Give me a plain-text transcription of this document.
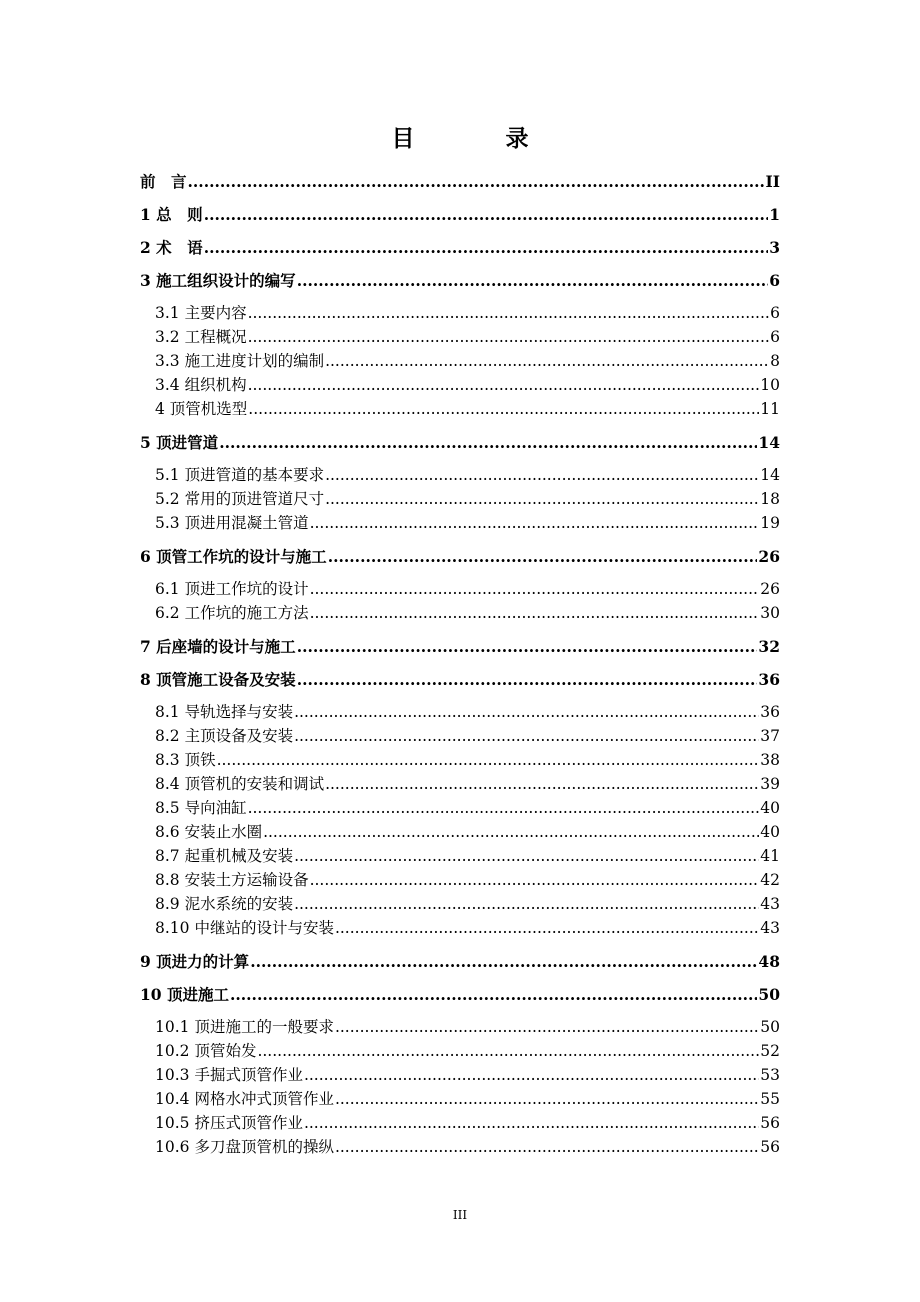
目　录
前　言 .....	II
1 总　则 .....	1
2 术　语 .....	3
3 施工组织设计的编写 .....	6
3.1 主要内容 .....	6
3.2 工程概况 .....	6
3.3 施工进度计划的编制 .....	8
3.4 组织机构 .....	10
4 顶管机选型 .....	11
5 顶进管道 .....	14
5.1 顶进管道的基本要求 .....	14
5.2 常用的顶进管道尺寸 .....	18
5.3 顶进用混凝土管道 .....	19
6 顶管工作坑的设计与施工 .....	26
6.1 顶进工作坑的设计 .....	26
6.2 工作坑的施工方法 .....	30
7 后座墙的设计与施工 .....	32
8 顶管施工设备及安装 .....	36
8.1 导轨选择与安装 .....	36
8.2 主顶设备及安装 .....	37
8.3 顶铁 .....	38
8.4 顶管机的安装和调试 .....	39
8.5 导向油缸 .....	40
8.6 安装止水圈 .....	40
8.7 起重机械及安装 .....	41
8.8 安装土方运输设备 .....	42
8.9 泥水系统的安装 .....	43
8.10 中继站的设计与安装 .....	43
9 顶进力的计算 .....	48
10 顶进施工 .....	50
10.1 顶进施工的一般要求 .....	50
10.2 顶管始发 .....	52
10.3 手掘式顶管作业 .....	53
10.4 网格水冲式顶管作业 .....	55
10.5 挤压式顶管作业 .....	56
10.6 多刀盘顶管机的操纵 .....	56
III
